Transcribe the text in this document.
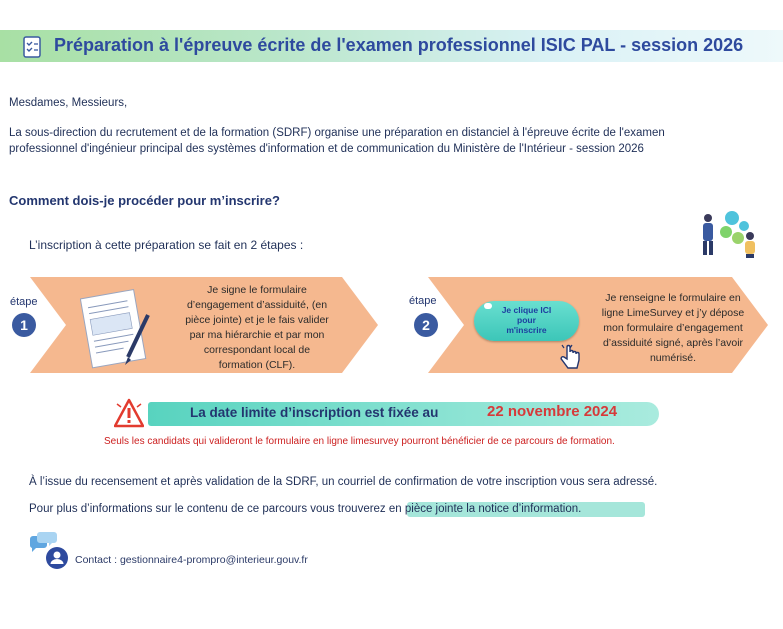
Préparation à l'épreuve écrite de l'examen professionnel ISIC PAL - session 2026
Mesdames, Messieurs,
La sous-direction du recrutement et de la formation (SDRF) organise une préparation en distanciel à l'épreuve écrite de l'examen
professionnel d'ingénieur principal des systèmes d'information et de communication du Ministère de l'Intérieur - session 2026
Comment dois-je procéder pour m’inscrire?
L’inscription à cette préparation se fait en 2 étapes :
étape
1
Je signe le formulaire
d’engagement d’assiduité, (en
pièce jointe) et je le fais valider
par ma hiérarchie et par mon
correspondant local de
formation (CLF).
étape
2
Je clique ICI
pour
m'inscrire
Je renseigne le formulaire en
ligne LimeSurvey et j’y dépose
mon formulaire d’engagement
d’assiduité signé, après l’avoir
numérisé.
La date limite d’inscription est fixée au	22 novembre 2024
Seuls les candidats qui valideront le formulaire en ligne limesurvey pourront bénéficier de ce parcours de formation.
À l’issue du recensement et après validation de la SDRF, un courriel de confirmation de votre inscription vous sera adressé.
Pour plus d’informations sur le contenu de ce parcours vous trouverez en pièce jointe la notice d’information.
Contact : gestionnaire4-prompro@interieur.gouv.fr
